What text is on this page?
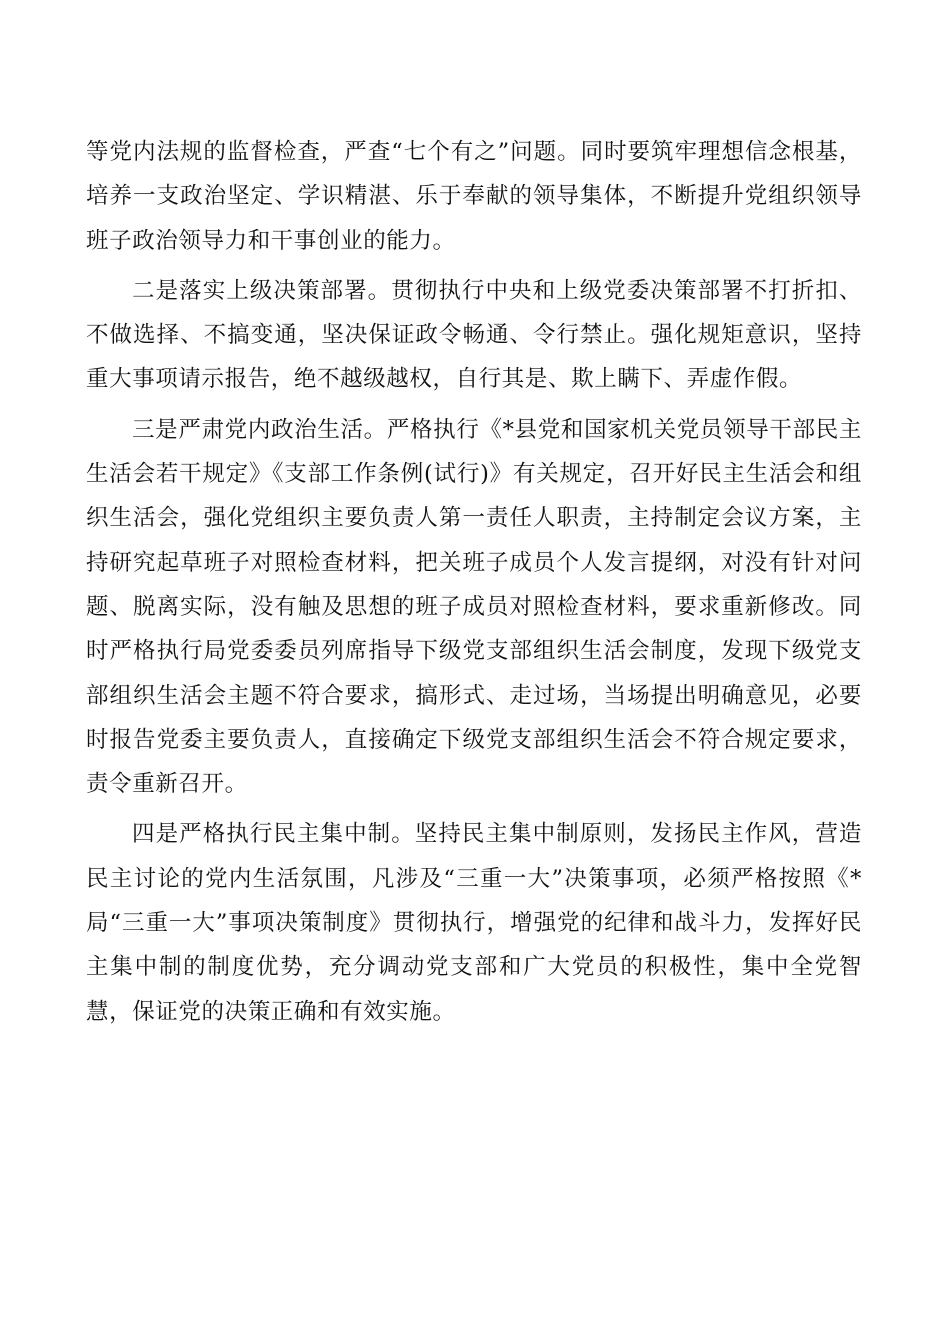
等党内法规的监督检查，严查“七个有之”问题。同时要筑牢理想信念根基，培养一支政治坚定、学识精湛、乐于奉献的领导集体，不断提升党组织领导班子政治领导力和干事创业的能力。

二是落实上级决策部署。贯彻执行中央和上级党委决策部署不打折扣、不做选择、不搞变通，坚决保证政令畅通、令行禁止。强化规矩意识，坚持重大事项请示报告，绝不越级越权，自行其是、欺上瞒下、弄虚作假。

三是严肃党内政治生活。严格执行《*县党和国家机关党员领导干部民主生活会若干规定》《支部工作条例(试行)》有关规定，召开好民主生活会和组织生活会，强化党组织主要负责人第一责任人职责，主持制定会议方案，主持研究起草班子对照检查材料，把关班子成员个人发言提纲，对没有针对问题、脱离实际，没有触及思想的班子成员对照检查材料，要求重新修改。同时严格执行局党委委员列席指导下级党支部组织生活会制度，发现下级党支部组织生活会主题不符合要求，搞形式、走过场，当场提出明确意见，必要时报告党委主要负责人，直接确定下级党支部组织生活会不符合规定要求，责令重新召开。

四是严格执行民主集中制。坚持民主集中制原则，发扬民主作风，营造民主讨论的党内生活氛围，凡涉及“三重一大”决策事项，必须严格按照《*局“三重一大”事项决策制度》贯彻执行，增强党的纪律和战斗力，发挥好民主集中制的制度优势，充分调动党支部和广大党员的积极性，集中全党智慧，保证党的决策正确和有效实施。
